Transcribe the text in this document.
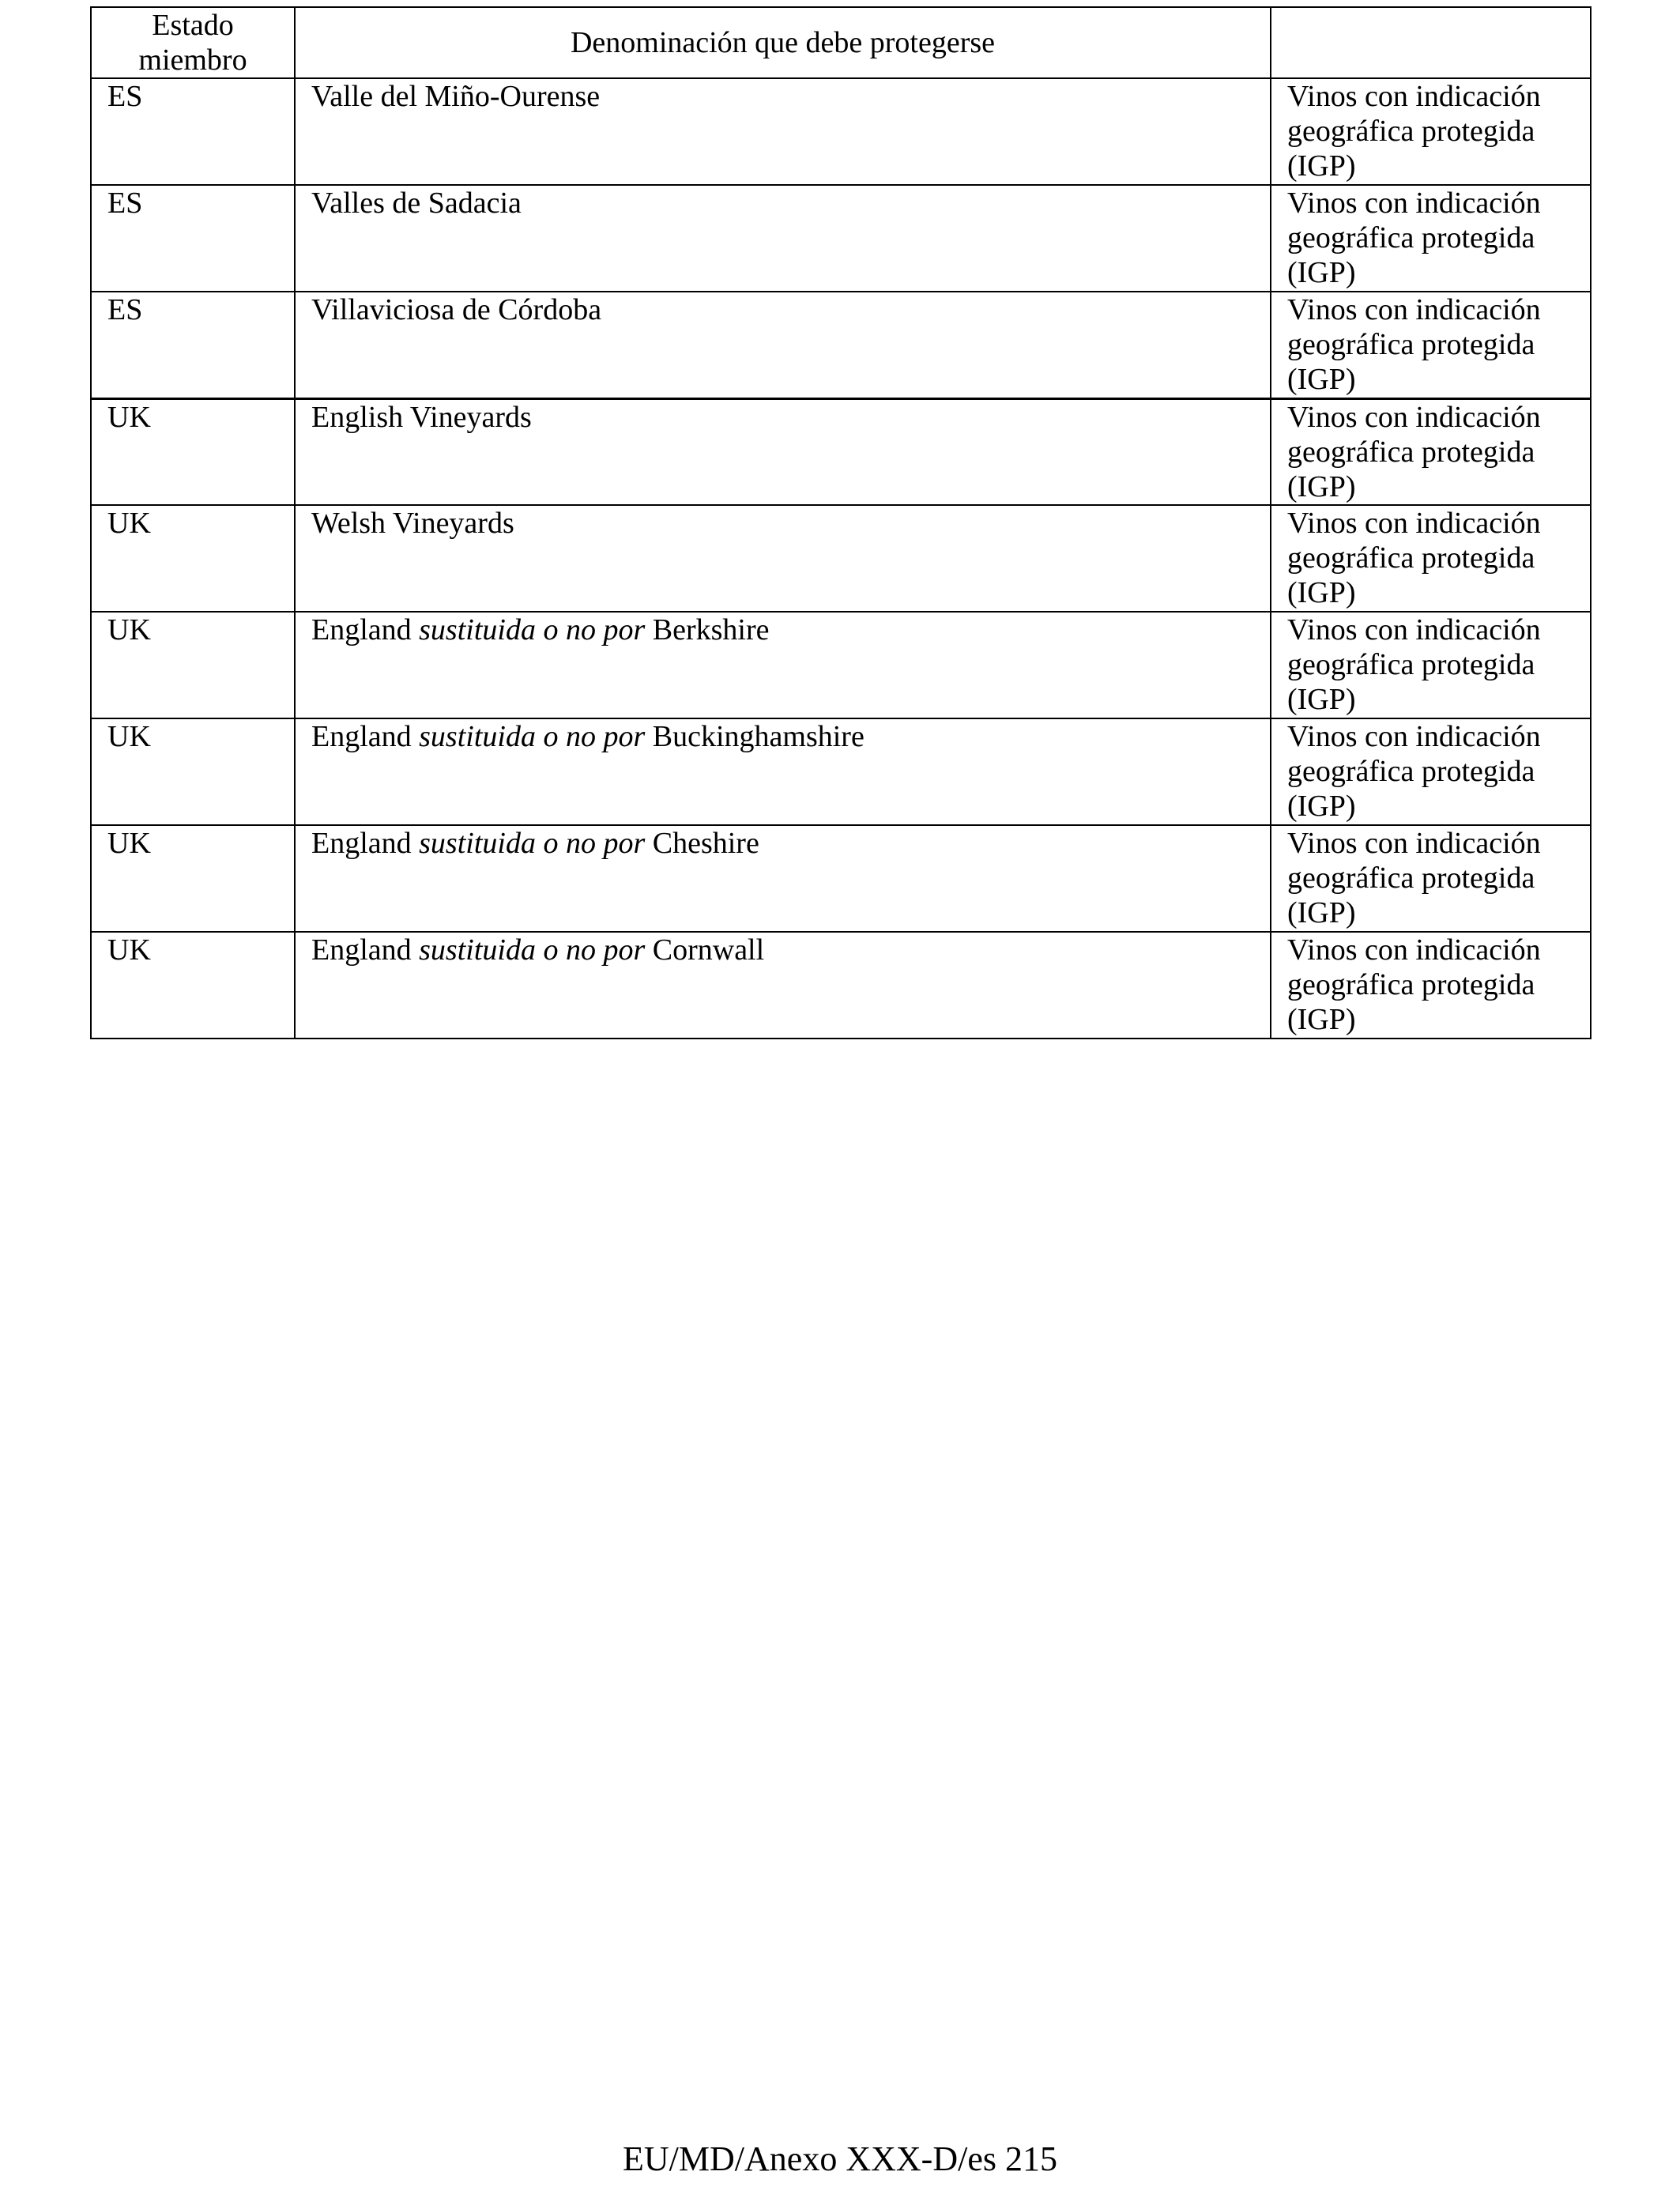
Estado miembro	Denominación que debe protegerse	
ES	Valle del Miño-Ourense	Vinos con indicación geográfica protegida (IGP)
ES	Valles de Sadacia	Vinos con indicación geográfica protegida (IGP)
ES	Villaviciosa de Córdoba	Vinos con indicación geográfica protegida (IGP)
UK	English Vineyards	Vinos con indicación geográfica protegida (IGP)
UK	Welsh Vineyards	Vinos con indicación geográfica protegida (IGP)
UK	England sustituida o no por Berkshire	Vinos con indicación geográfica protegida (IGP)
UK	England sustituida o no por Buckinghamshire	Vinos con indicación geográfica protegida (IGP)
UK	England sustituida o no por Cheshire	Vinos con indicación geográfica protegida (IGP)
UK	England sustituida o no por Cornwall	Vinos con indicación geográfica protegida (IGP)
EU/MD/Anexo XXX-D/es 215
